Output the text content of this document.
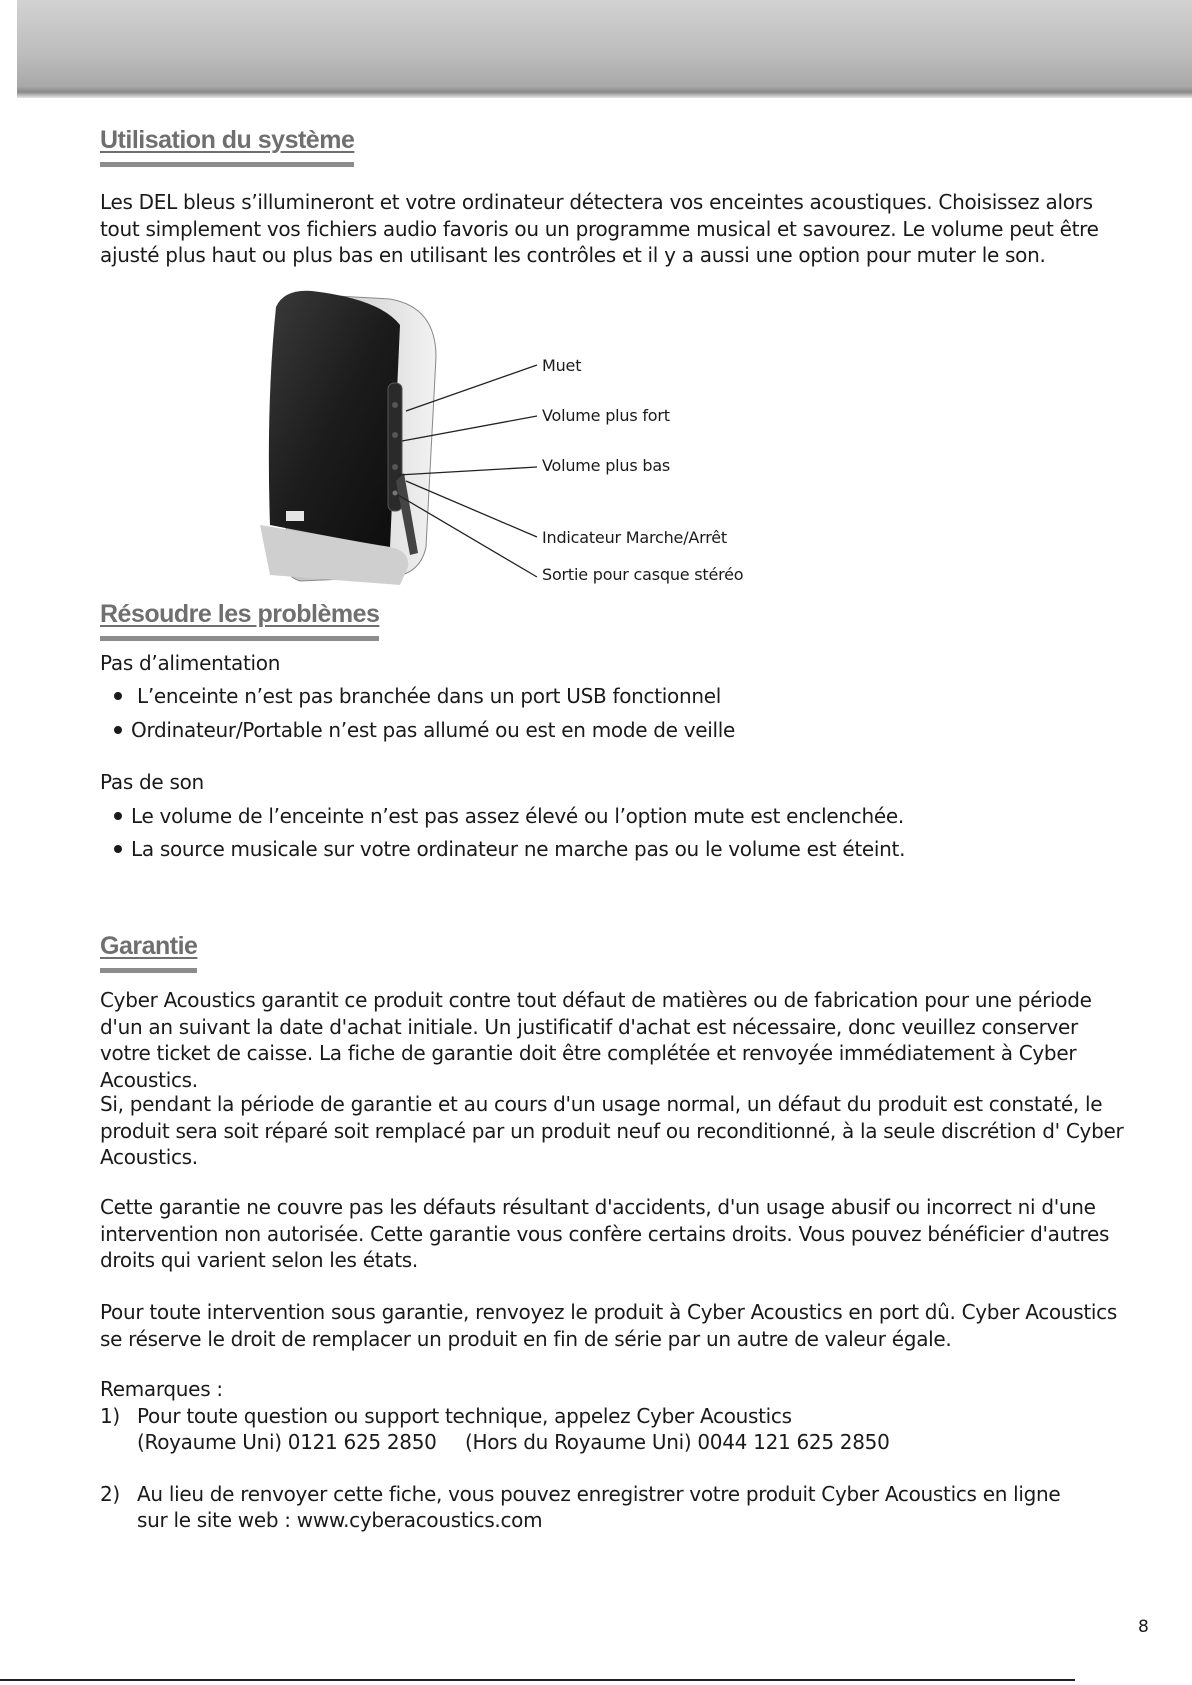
Utilisation du système

Les DEL bleus s’illumineront et votre ordinateur détectera vos enceintes acoustiques. Choisissez alors tout simplement vos fichiers audio favoris ou un programme musical et savourez. Le volume peut être ajusté plus haut ou plus bas en utilisant les contrôles et il y a aussi une option pour muter le son.

Muet

Volume plus fort

Volume plus bas

Indicateur Marche/Arrêt

Sortie pour casque stéréo

Résoudre les problèmes

Pas d’alimentation

L’enceinte n’est pas branchée dans un port USB fonctionnel

Ordinateur/Portable n’est pas allumé ou est en mode de veille

Pas de son

Le volume de l’enceinte n’est pas assez élevé ou l’option mute est enclenchée.

La source musicale sur votre ordinateur ne marche pas ou le volume est éteint.

Garantie

Cyber Acoustics garantit ce produit contre tout défaut de matières ou de fabrication pour une période d'un an suivant la date d'achat initiale. Un justificatif d'achat est nécessaire, donc veuillez conserver votre ticket de caisse. La fiche de garantie doit être complétée et renvoyée immédiatement à Cyber Acoustics.

Si, pendant la période de garantie et au cours d'un usage normal, un défaut du produit est constaté, le produit sera soit réparé soit remplacé par un produit neuf ou reconditionné, à la seule discrétion d' Cyber Acoustics.

Cette garantie ne couvre pas les défauts résultant d'accidents, d'un usage abusif ou incorrect ni d'une intervention non autorisée. Cette garantie vous confère certains droits. Vous pouvez bénéficier d'autres droits qui varient selon les états.

Pour toute intervention sous garantie, renvoyez le produit à Cyber Acoustics en port dû. Cyber Acoustics se réserve le droit de remplacer un produit en fin de série par un autre de valeur égale.

Remarques :

1) Pour toute question ou support technique, appelez Cyber Acoustics

(Royaume Uni) 0121 625 2850 (Hors du Royaume Uni) 0044 121 625 2850

2) Au lieu de renvoyer cette fiche, vous pouvez enregistrer votre produit Cyber Acoustics en ligne

sur le site web : www.cyberacoustics.com

8
